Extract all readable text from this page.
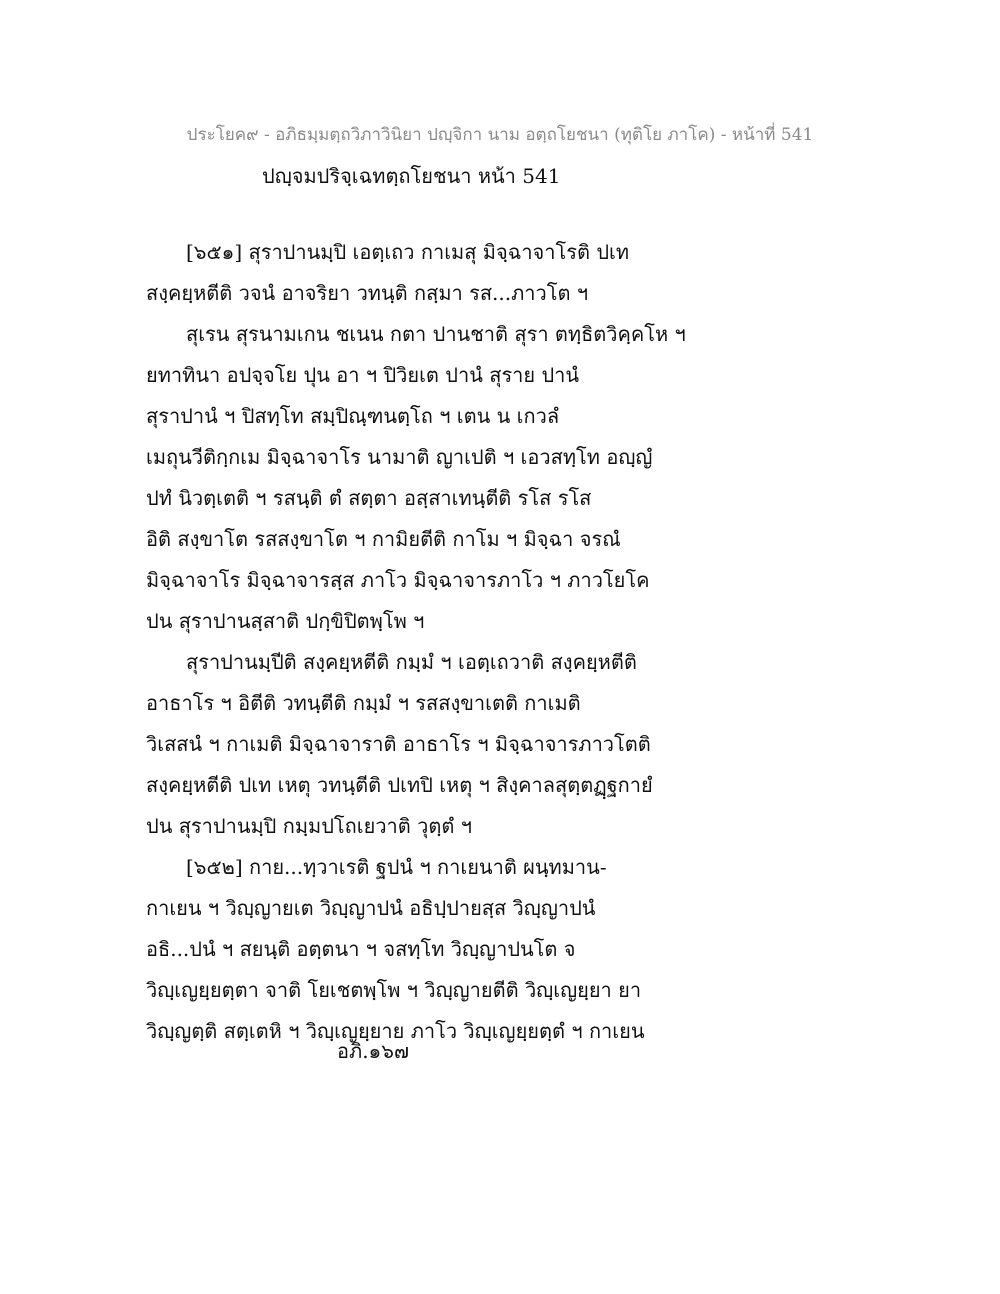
ประโยค๙ - อภิธมฺมตฺถวิภาวินิยา ปญฺจิกา นาม อตฺถโยชนา (ทุติโย ภาโค) - หน้าที่ 541
ปญฺจมปริจฺเฉทตฺถโยชนา หน้า 541
[๖๕๑] สุราปานมฺปิ เอตฺเถว กาเมสุ มิจฺฉาจาโรติ ปเท
สงฺคยฺหตีติ วจนํ อาจริยา วทนฺติ กสฺมา รส...ภาวโต ฯ
สุเรน สุรนามเกน ชเนน กตา ปานชาติ สุรา ตทฺธิตวิคฺคโห ฯ
ยทาทินา อปจฺจโย ปุน อา ฯ ปิวิยเต ปานํ สุราย ปานํ
สุราปานํ ฯ ปิสทฺโท สมฺปิณฺฑนตฺโถ ฯ เตน น เกวลํ
เมถุนวีติกฺกเม มิจฺฉาจาโร นามาติ ญาเปติ ฯ เอวสทฺโท อญฺญํ
ปทํ นิวตฺเตติ ฯ รสนฺติ ตํ สตฺตา อสฺสาเทนฺตีติ รโส รโส
อิติ สงฺขาโต รสสงฺขาโต ฯ กามิยตีติ กาโม ฯ มิจฺฉา จรณํ
มิจฺฉาจาโร มิจฺฉาจารสฺส ภาโว มิจฺฉาจารภาโว ฯ ภาวโยโค
ปน สุราปานสฺสาติ ปกฺขิปิตพฺโพ ฯ
สุราปานมฺปีติ สงฺคยฺหตีติ กมฺมํ ฯ เอตฺเถวาติ สงฺคยฺหตีติ
อาธาโร ฯ อิตีติ วทนฺตีติ กมฺมํ ฯ รสสงฺขาเตติ กาเมติ
วิเสสนํ ฯ กาเมติ มิจฺฉาจาราติ อาธาโร ฯ มิจฺฉาจารภาวโตติ
สงฺคยฺหตีติ ปเท เหตุ วทนฺตีติ ปเทปิ เหตุ ฯ สิงฺคาลสุตฺตฏฺฐกายํ
ปน สุราปานมฺปิ กมฺมปโถเยวาติ วุตฺตํ ฯ
[๖๕๒] กาย...ทฺวาเรติ ฐปนํ ฯ กาเยนาติ ผนฺทมาน-
กาเยน ฯ วิญฺญายเต วิญฺญาปนํ อธิปฺปายสฺส วิญฺญาปนํ
อธิ...ปนํ ฯ สยนฺติ อตฺตนา ฯ จสทฺโท วิญฺญาปนโต จ
วิญฺเญยฺยตฺตา จาติ โยเชตพฺโพ ฯ วิญฺญายตีติ วิญฺเญยฺยา ยา
วิญฺญตฺติ สตฺเตหิ ฯ วิญฺเญยฺยาย ภาโว วิญฺเญยฺยตฺตํ ฯ กาเยน
อภิ.๑๖๗
